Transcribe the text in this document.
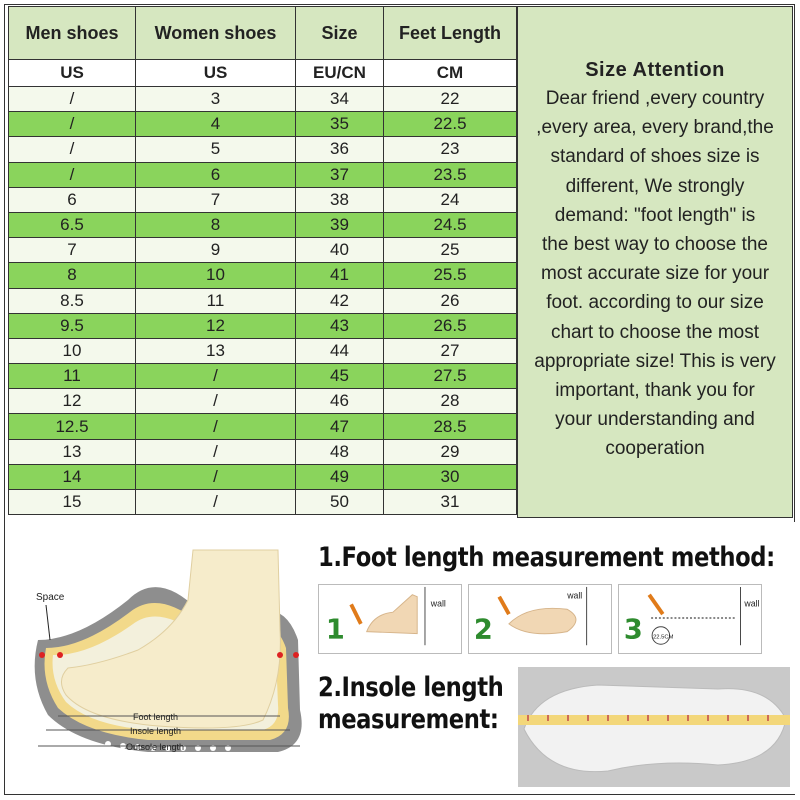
Men shoes	Women shoes	Size	Feet Length
US	US	EU/CN	CM
/	3	34	22
/	4	35	22.5
/	5	36	23
/	6	37	23.5
6	7	38	24
6.5	8	39	24.5
7	9	40	25
8	10	41	25.5
8.5	11	42	26
9.5	12	43	26.5
10	13	44	27
11	/	45	27.5
12	/	46	28
12.5	/	47	28.5
13	/	48	29
14	/	49	30
15	/	50	31
Size Attention
Dear friend ,every country
,every area, every brand,the
standard of shoes size is
different, We strongly
demand: "foot length" is
the best way to choose the
most accurate size for your
foot. according to our size
chart to choose the most
appropriate size! This is very
important, thank you for
your understanding and
cooperation
Space
Foot length
Insole length
Outsole length
1.Foot length measurement method:
1
wall
2
wall
3 22.5CM
wall
2.Insole length
measurement:
